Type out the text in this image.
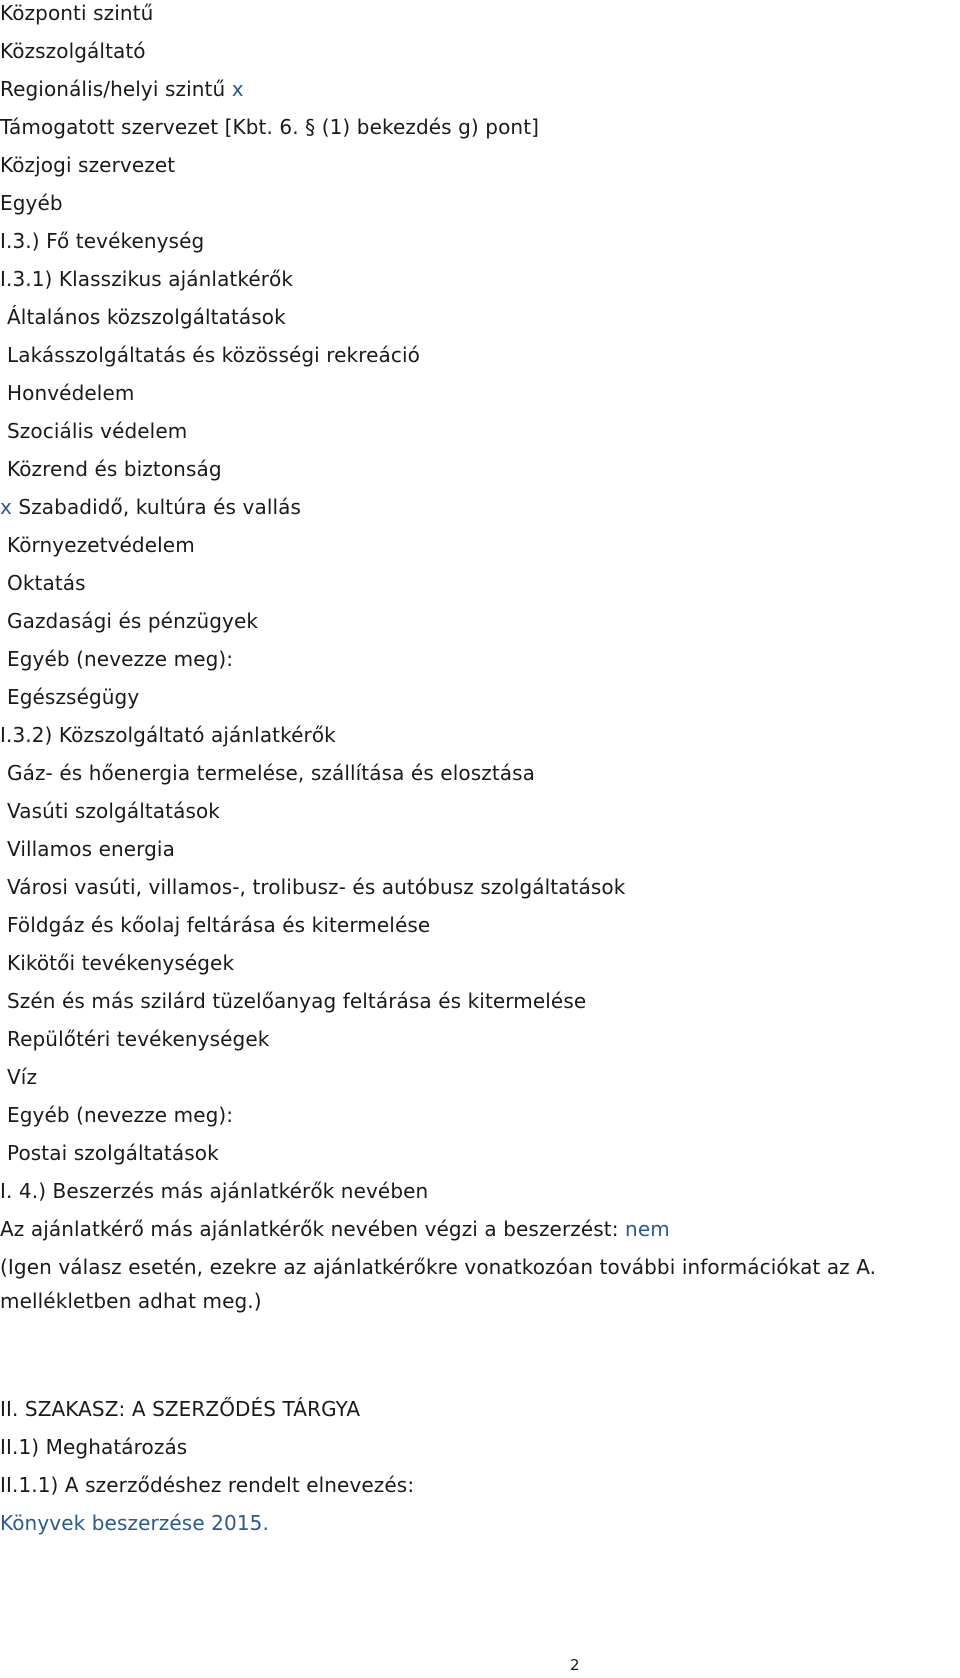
Központi szintű
Közszolgáltató
Regionális/helyi szintű x
Támogatott szervezet [Kbt. 6. § (1) bekezdés g) pont]
Közjogi szervezet
Egyéb
I.3.) Fő tevékenység
I.3.1) Klasszikus ajánlatkérők
Általános közszolgáltatások
Lakásszolgáltatás és közösségi rekreáció
Honvédelem
Szociális védelem
Közrend és biztonság
x Szabadidő, kultúra és vallás
Környezetvédelem
Oktatás
Gazdasági és pénzügyek
Egyéb (nevezze meg):
Egészségügy
I.3.2) Közszolgáltató ajánlatkérők
Gáz- és hőenergia termelése, szállítása és elosztása
Vasúti szolgáltatások
Villamos energia
Városi vasúti, villamos-, trolibusz- és autóbusz szolgáltatások
Földgáz és kőolaj feltárása és kitermelése
Kikötői tevékenységek
Szén és más szilárd tüzelőanyag feltárása és kitermelése
Repülőtéri tevékenységek
Víz
Egyéb (nevezze meg):
Postai szolgáltatások
I. 4.) Beszerzés más ajánlatkérők nevében
Az ajánlatkérő más ajánlatkérők nevében végzi a beszerzést: nem
(Igen válasz esetén, ezekre az ajánlatkérőkre vonatkozóan további információkat az A.
mellékletben adhat meg.)
II. SZAKASZ: A SZERZŐDÉS TÁRGYA
II.1) Meghatározás
II.1.1) A szerződéshez rendelt elnevezés:
Könyvek beszerzése 2015.
2
